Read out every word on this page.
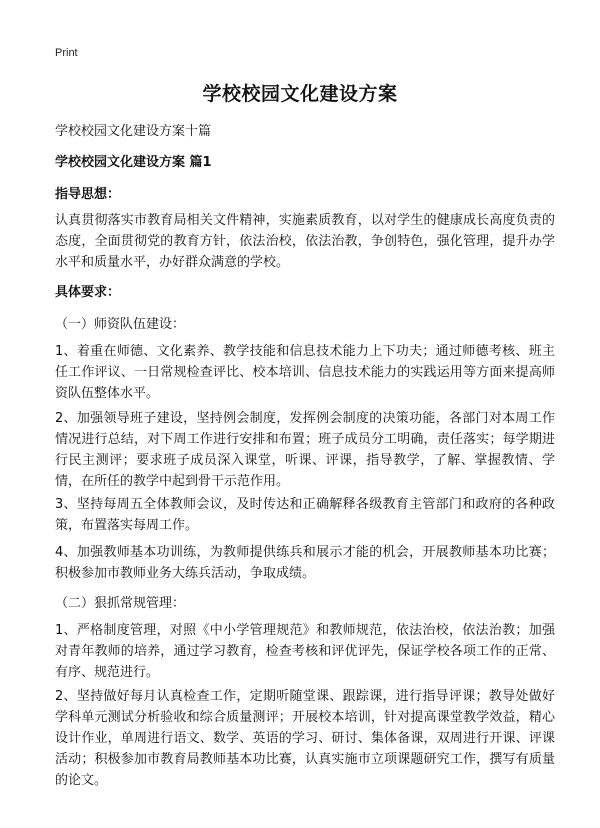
Print
学校校园文化建设方案
学校校园文化建设方案十篇
学校校园文化建设方案 篇1
指导思想：

认真贯彻落实市教育局相关文件精神，实施素质教育，以对学生的健康成长高度负责的态度，全面贯彻党的教育方针，依法治校，依法治教，争创特色，强化管理，提升办学水平和质量水平，办好群众满意的学校。

具体要求：
（一）师资队伍建设：

1、着重在师德、文化素养、教学技能和信息技术能力上下功夫；通过师德考核、班主任工作评议、一日常规检查评比、校本培训、信息技术能力的实践运用等方面来提高师资队伍整体水平。

2、加强领导班子建设，坚持例会制度，发挥例会制度的决策功能，各部门对本周工作情况进行总结，对下周工作进行安排和布置；班子成员分工明确，责任落实；每学期进行民主测评；要求班子成员深入课堂，听课、评课，指导教学，了解、掌握教情、学情，在所任的教学中起到骨干示范作用。

3、坚持每周五全体教师会议，及时传达和正确解释各级教育主管部门和政府的各种政策，布置落实每周工作。

4、加强教师基本功训练，为教师提供练兵和展示才能的机会，开展教师基本功比赛；积极参加市教师业务大练兵活动，争取成绩。

（二）狠抓常规管理：

1、严格制度管理，对照《中小学管理规范》和教师规范，依法治校，依法治教；加强对青年教师的培养，通过学习教育，检查考核和评优评先，保证学校各项工作的正常、有序、规范进行。

2、坚持做好每月认真检查工作，定期听随堂课、跟踪课，进行指导评课；教导处做好学科单元测试分析验收和综合质量测评；开展校本培训，针对提高课堂教学效益，精心设计作业，单周进行语文、数学、英语的学习、研讨、集体备课，双周进行开课、评课活动；积极参加市教育局教师基本功比赛，认真实施市立项课题研究工作，撰写有质量的论文。
